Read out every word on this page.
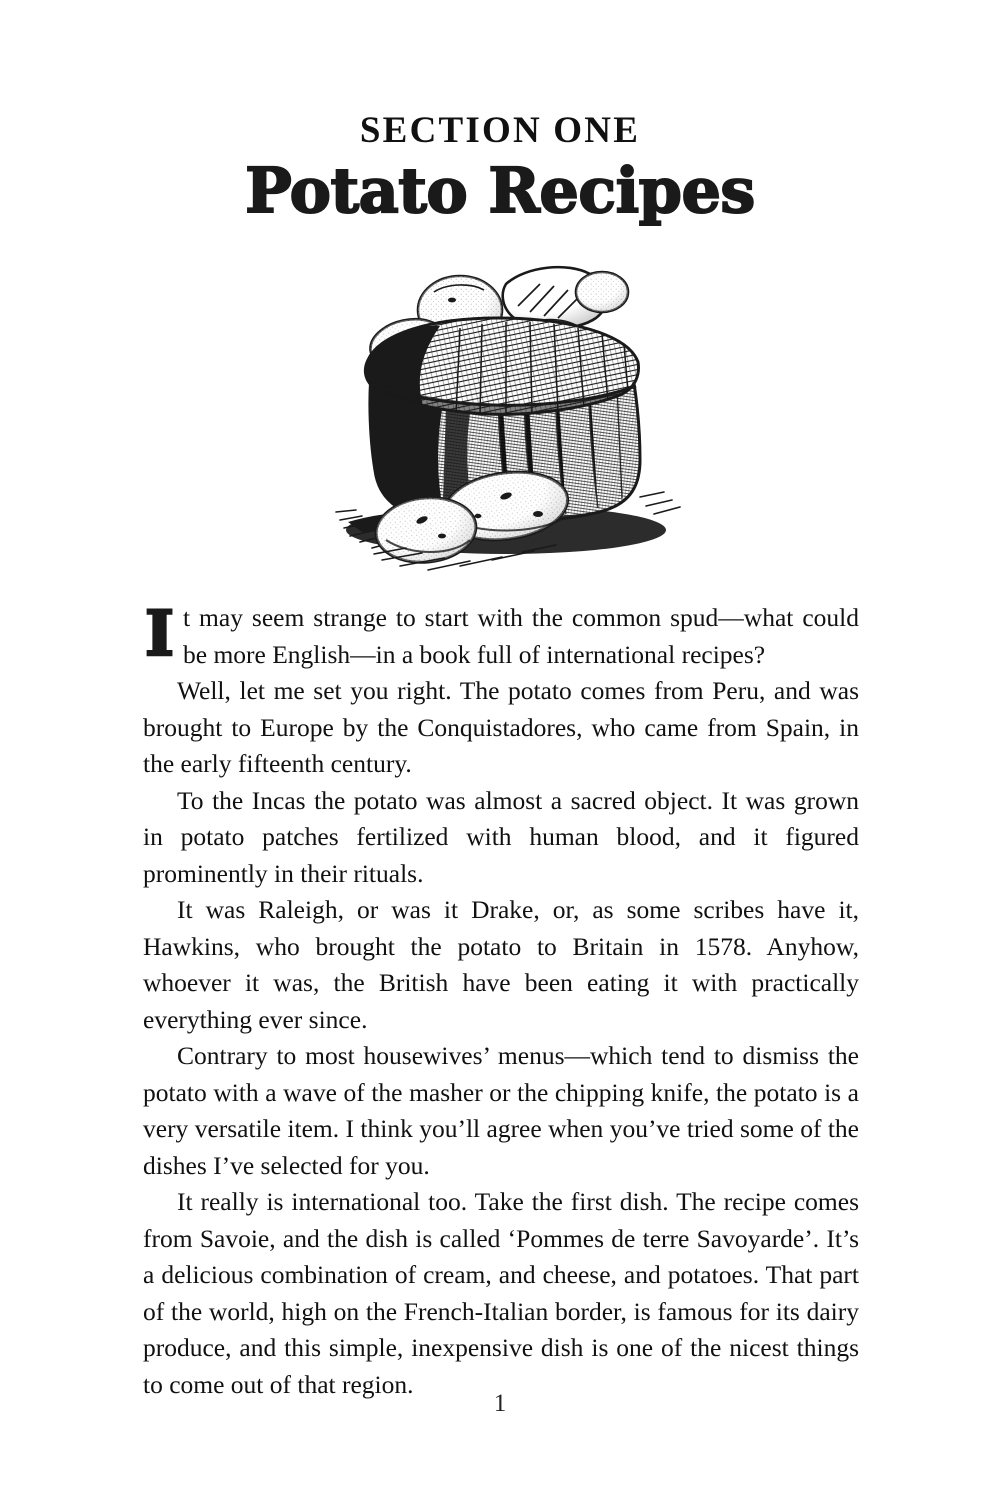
SECTION ONE
Potato Recipes

It may seem strange to start with the common spud—what could be more English—in a book full of international recipes?

Well, let me set you right. The potato comes from Peru, and was brought to Europe by the Conquistadores, who came from Spain, in the early fifteenth century.

To the Incas the potato was almost a sacred object. It was grown in potato patches fertilized with human blood, and it figured prominently in their rituals.

It was Raleigh, or was it Drake, or, as some scribes have it, Hawkins, who brought the potato to Britain in 1578. Anyhow, whoever it was, the British have been eating it with practically everything ever since.

Contrary to most housewives’ menus—which tend to dismiss the potato with a wave of the masher or the chipping knife, the potato is a very versatile item. I think you’ll agree when you’ve tried some of the dishes I’ve selected for you.

It really is international too. Take the first dish. The recipe comes from Savoie, and the dish is called ‘Pommes de terre Savoyarde’. It’s a delicious combination of cream, and cheese, and potatoes. That part of the world, high on the French-Italian border, is famous for its dairy produce, and this simple, inexpensive dish is one of the nicest things to come out of that region.

1
